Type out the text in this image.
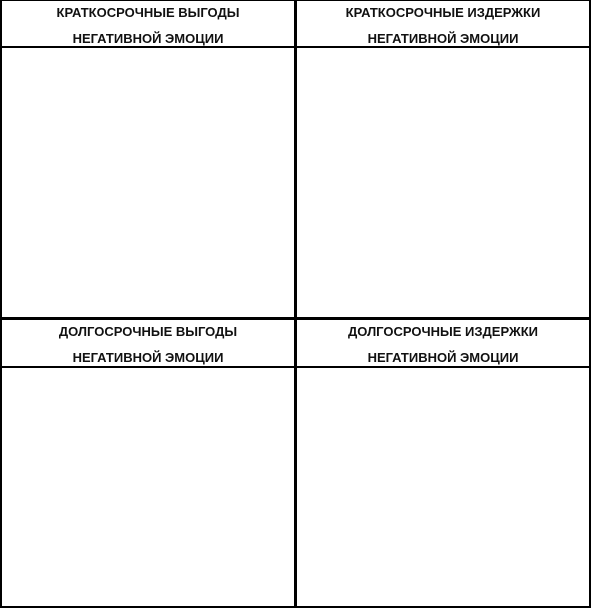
КРАТКОСРОЧНЫЕ ВЫГОДЫ
НЕГАТИВНОЙ ЭМОЦИИ
КРАТКОСРОЧНЫЕ ИЗДЕРЖКИ
НЕГАТИВНОЙ ЭМОЦИИ
ДОЛГОСРОЧНЫЕ ВЫГОДЫ
НЕГАТИВНОЙ ЭМОЦИИ
ДОЛГОСРОЧНЫЕ ИЗДЕРЖКИ
НЕГАТИВНОЙ ЭМОЦИИ
